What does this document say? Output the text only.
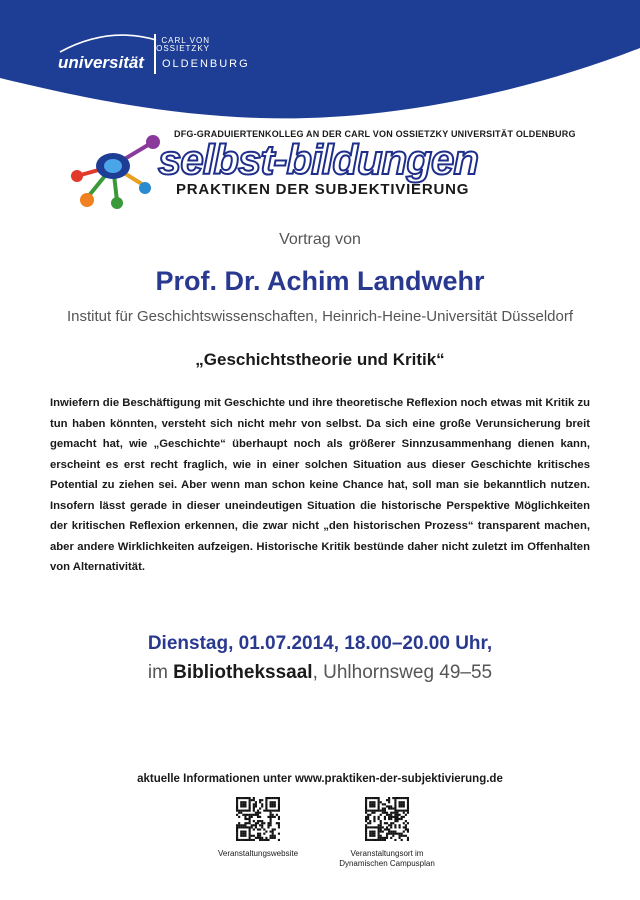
CARL VON
OSSIETZKY
universität OLDENBURG
DFG-GRADUIERTENKOLLEG AN DER CARL VON OSSIETZKY UNIVERSITÄT OLDENBURG
selbst-bildungen
PRAKTIKEN DER SUBJEKTIVIERUNG
Vortrag von
Prof. Dr. Achim Landwehr
Institut für Geschichtswissenschaften, Heinrich-Heine-Universität Düsseldorf
„Geschichtstheorie und Kritik“
Inwiefern die Beschäftigung mit Geschichte und ihre theoretische Reflexion noch etwas mit Kritik zu tun haben könnten, versteht sich nicht mehr von selbst. Da sich eine große Verunsicherung breit gemacht hat, wie „Geschichte“ überhaupt noch als größerer Sinnzusammenhang dienen kann, erscheint es erst recht fraglich, wie in einer solchen Situation aus dieser Geschichte kritisches Potential zu ziehen sei. Aber wenn man schon keine Chance hat, soll man sie bekanntlich nutzen. Insofern lässt gerade in dieser uneindeutigen Situation die historische Perspektive Möglichkeiten der kritischen Reflexion erkennen, die zwar nicht „den historischen Prozess“ transparent machen, aber andere Wirklichkeiten aufzeigen. Historische Kritik bestünde daher nicht zuletzt im Offenhalten von Alternativität.
Dienstag, 01.07.2014, 18.00–20.00 Uhr,
im Bibliothekssaal, Uhlhornsweg 49–55
aktuelle Informationen unter www.praktiken-der-subjektivierung.de
Veranstaltungswebsite	Veranstaltungsort im
Dynamischen Campusplan
